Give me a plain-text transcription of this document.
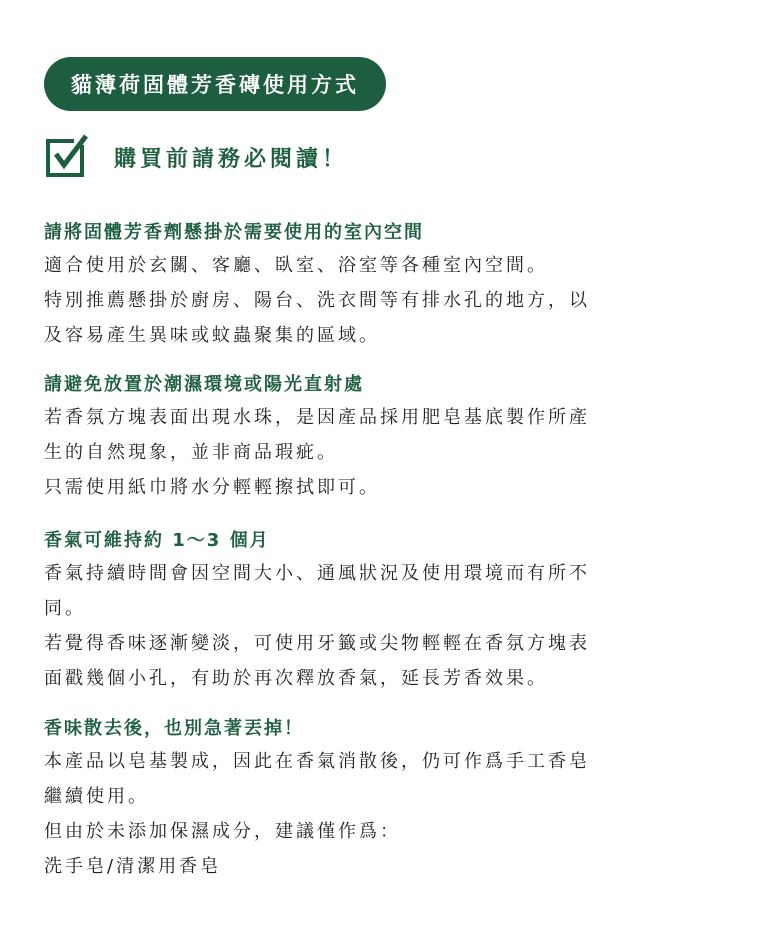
貓薄荷固體芳香磚使用方式
購買前請務必閱讀！
請將固體芳香劑懸掛於需要使用的室內空間
適合使用於玄關、客廳、臥室、浴室等各種室內空間。
特別推薦懸掛於廚房、陽台、洗衣間等有排水孔的地方，以
及容易產生異味或蚊蟲聚集的區域。
請避免放置於潮濕環境或陽光直射處
若香氛方塊表面出現水珠，是因產品採用肥皂基底製作所產
生的自然現象，並非商品瑕疵。
只需使用紙巾將水分輕輕擦拭即可。
香氣可維持約 1～3 個月
香氣持續時間會因空間大小、通風狀況及使用環境而有所不
同。
若覺得香味逐漸變淡，可使用牙籤或尖物輕輕在香氛方塊表
面戳幾個小孔，有助於再次釋放香氣，延長芳香效果。
香味散去後，也別急著丟掉！
本產品以皂基製成，因此在香氣消散後，仍可作爲手工香皂
繼續使用。
但由於未添加保濕成分，建議僅作爲：
洗手皂/清潔用香皂
